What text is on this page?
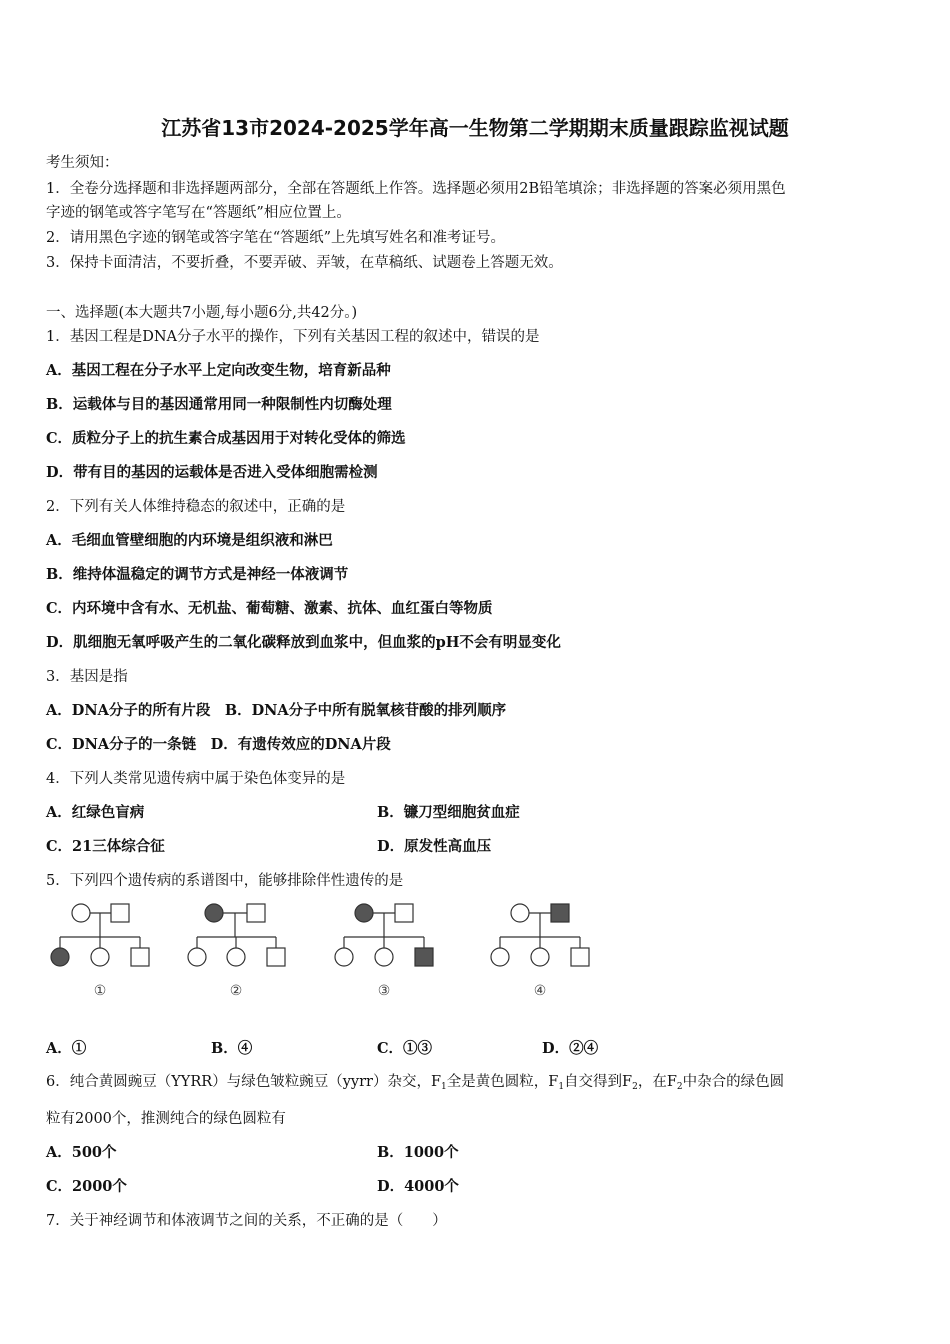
江苏省13市2024-2025学年高一生物第二学期期末质量跟踪监视试题
考生须知：
1．全卷分选择题和非选择题两部分，全部在答题纸上作答。选择题必须用2B铅笔填涂；非选择题的答案必须用黑色
字迹的钢笔或答字笔写在“答题纸”相应位置上。
2．请用黑色字迹的钢笔或答字笔在“答题纸”上先填写姓名和准考证号。
3．保持卡面清洁，不要折叠，不要弄破、弄皱，在草稿纸、试题卷上答题无效。
一、选择题(本大题共7小题,每小题6分,共42分。)
1．基因工程是DNA分子水平的操作，下列有关基因工程的叙述中，错误的是
A．基因工程在分子水平上定向改变生物，培育新品种
B．运载体与目的基因通常用同一种限制性内切酶处理
C．质粒分子上的抗生素合成基因用于对转化受体的筛选
D．带有目的基因的运载体是否进入受体细胞需检测
2．下列有关人体维持稳态的叙述中，正确的是
A．毛细血管壁细胞的内环境是组织液和淋巴
B．维持体温稳定的调节方式是神经一体液调节
C．内环境中含有水、无机盐、葡萄糖、激素、抗体、血红蛋白等物质
D．肌细胞无氧呼吸产生的二氧化碳释放到血浆中，但血浆的pH不会有明显变化
3．基因是指
A．DNA分子的所有片段　B．DNA分子中所有脱氧核苷酸的排列顺序
C．DNA分子的一条链　D．有遗传效应的DNA片段
4．下列人类常见遗传病中属于染色体变异的是
A．红绿色盲病	B．镰刀型细胞贫血症
C．21三体综合征	D．原发性高血压
5．下列四个遗传病的系谱图中，能够排除伴性遗传的是
①	②	③	④
A．①	B．④	C．①③	D．②④
6．纯合黄圆豌豆（YYRR）与绿色皱粒豌豆（yyrr）杂交，$F_1$全是黄色圆粒，$F_1$自交得到$F_2$，在$F_2$中杂合的绿色圆
粒有2000个，推测纯合的绿色圆粒有
A．500个	B．1000个
C．2000个	D．4000个
7．关于神经调节和体液调节之间的关系，不正确的是（　　）
